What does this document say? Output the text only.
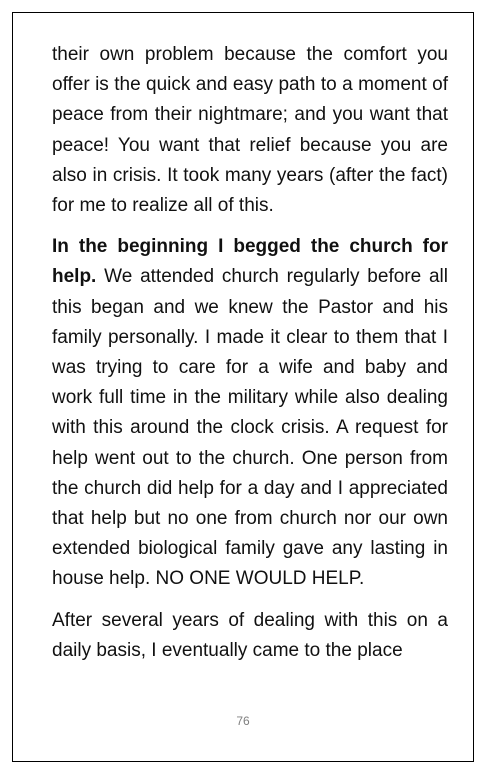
their own problem because the comfort you offer is the quick and easy path to a moment of peace from their nightmare; and you want that peace! You want that relief because you are also in crisis. It took many years (after the fact) for me to realize all of this.

In the beginning I begged the church for help. We attended church regularly before all this began and we knew the Pastor and his family personally. I made it clear to them that I was trying to care for a wife and baby and work full time in the military while also dealing with this around the clock crisis. A request for help went out to the church. One person from the church did help for a day and I appreciated that help but no one from church nor our own extended biological family gave any lasting in house help. NO ONE WOULD HELP.

After several years of dealing with this on a daily basis, I eventually came to the place

76
